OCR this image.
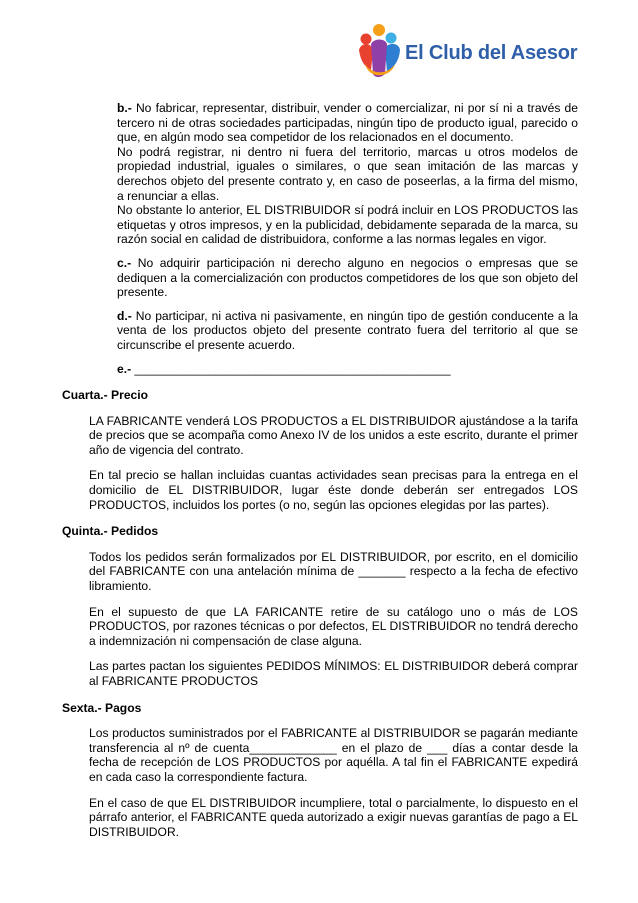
El Club del Asesor

b.- No fabricar, representar, distribuir, vender o comercializar, ni por sí ni a través de tercero ni de otras sociedades participadas, ningún tipo de producto igual, parecido o que, en algún modo sea competidor de los relacionados en el documento.

No podrá registrar, ni dentro ni fuera del territorio, marcas u otros modelos de propiedad industrial, iguales o similares, o que sean imitación de las marcas y derechos objeto del presente contrato y, en caso de poseerlas, a la firma del mismo, a renunciar a ellas.

No obstante lo anterior, EL DISTRIBUIDOR sí podrá incluir en LOS PRODUCTOS las etiquetas y otros impresos, y en la publicidad, debidamente separada de la marca, su razón social en calidad de distribuidora, conforme a las normas legales en vigor.

c.- No adquirir participación ni derecho alguno en negocios o empresas que se dediquen a la comercialización con productos competidores de los que son objeto del presente.

d.- No participar, ni activa ni pasivamente, en ningún tipo de gestión conducente a la venta de los productos objeto del presente contrato fuera del territorio al que se circunscribe el presente acuerdo.

e.- _______________________________________________

Cuarta.- Precio

LA FABRICANTE venderá LOS PRODUCTOS a EL DISTRIBUIDOR ajustándose a la tarifa de precios que se acompaña como Anexo IV de los unidos a este escrito, durante el primer año de vigencia del contrato.

En tal precio se hallan incluidas cuantas actividades sean precisas para la entrega en el domicilio de EL DISTRIBUIDOR, lugar éste donde deberán ser entregados LOS PRODUCTOS, incluidos los portes (o no, según las opciones elegidas por las partes).

Quinta.- Pedidos

Todos los pedidos serán formalizados por EL DISTRIBUIDOR, por escrito, en el domicilio del FABRICANTE con una antelación mínima de _______ respecto a la fecha de efectivo libramiento.

En el supuesto de que LA FARICANTE retire de su catálogo uno o más de LOS PRODUCTOS, por razones técnicas o por defectos, EL DISTRIBUIDOR no tendrá derecho a indemnización ni compensación de clase alguna.

Las partes pactan los siguientes PEDIDOS MÍNIMOS: EL DISTRIBUIDOR deberá comprar al FABRICANTE PRODUCTOS

Sexta.- Pagos

Los productos suministrados por el FABRICANTE al DISTRIBUIDOR se pagarán mediante transferencia al nº de cuenta_____________ en el plazo de ___ días a contar desde la fecha de recepción de LOS PRODUCTOS por aquélla. A tal fin el FABRICANTE expedirá en cada caso la correspondiente factura.

En el caso de que EL DISTRIBUIDOR incumpliere, total o parcialmente, lo dispuesto en el párrafo anterior, el FABRICANTE queda autorizado a exigir nuevas garantías de pago a EL DISTRIBUIDOR.
